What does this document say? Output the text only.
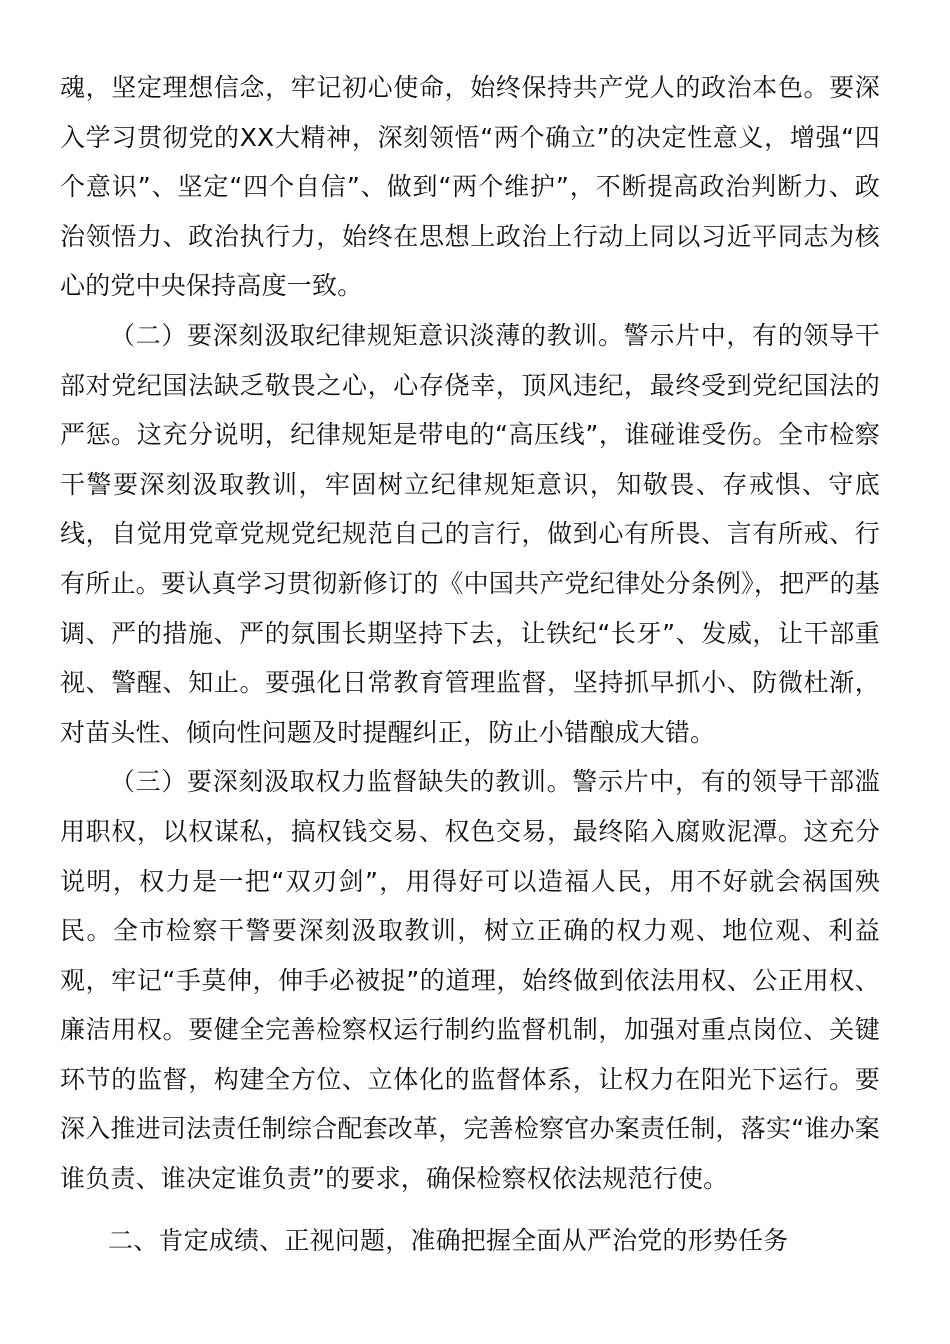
魂，坚定理想信念，牢记初心使命，始终保持共产党人的政治本色。要深入学习贯彻党的XX大精神，深刻领悟“两个确立”的决定性意义，增强“四个意识”、坚定“四个自信”、做到“两个维护”，不断提高政治判断力、政治领悟力、政治执行力，始终在思想上政治上行动上同以习近平同志为核心的党中央保持高度一致。

（二）要深刻汲取纪律规矩意识淡薄的教训。警示片中，有的领导干部对党纪国法缺乏敬畏之心，心存侥幸，顶风违纪，最终受到党纪国法的严惩。这充分说明，纪律规矩是带电的“高压线”，谁碰谁受伤。全市检察干警要深刻汲取教训，牢固树立纪律规矩意识，知敬畏、存戒惧、守底线，自觉用党章党规党纪规范自己的言行，做到心有所畏、言有所戒、行有所止。要认真学习贯彻新修订的《中国共产党纪律处分条例》，把严的基调、严的措施、严的氛围长期坚持下去，让铁纪“长牙”、发威，让干部重视、警醒、知止。要强化日常教育管理监督，坚持抓早抓小、防微杜渐，对苗头性、倾向性问题及时提醒纠正，防止小错酿成大错。

（三）要深刻汲取权力监督缺失的教训。警示片中，有的领导干部滥用职权，以权谋私，搞权钱交易、权色交易，最终陷入腐败泥潭。这充分说明，权力是一把“双刃剑”，用得好可以造福人民，用不好就会祸国殃民。全市检察干警要深刻汲取教训，树立正确的权力观、地位观、利益观，牢记“手莫伸，伸手必被捉”的道理，始终做到依法用权、公正用权、廉洁用权。要健全完善检察权运行制约监督机制，加强对重点岗位、关键环节的监督，构建全方位、立体化的监督体系，让权力在阳光下运行。要深入推进司法责任制综合配套改革，完善检察官办案责任制，落实“谁办案谁负责、谁决定谁负责”的要求，确保检察权依法规范行使。

二、肯定成绩、正视问题，准确把握全面从严治党的形势任务
